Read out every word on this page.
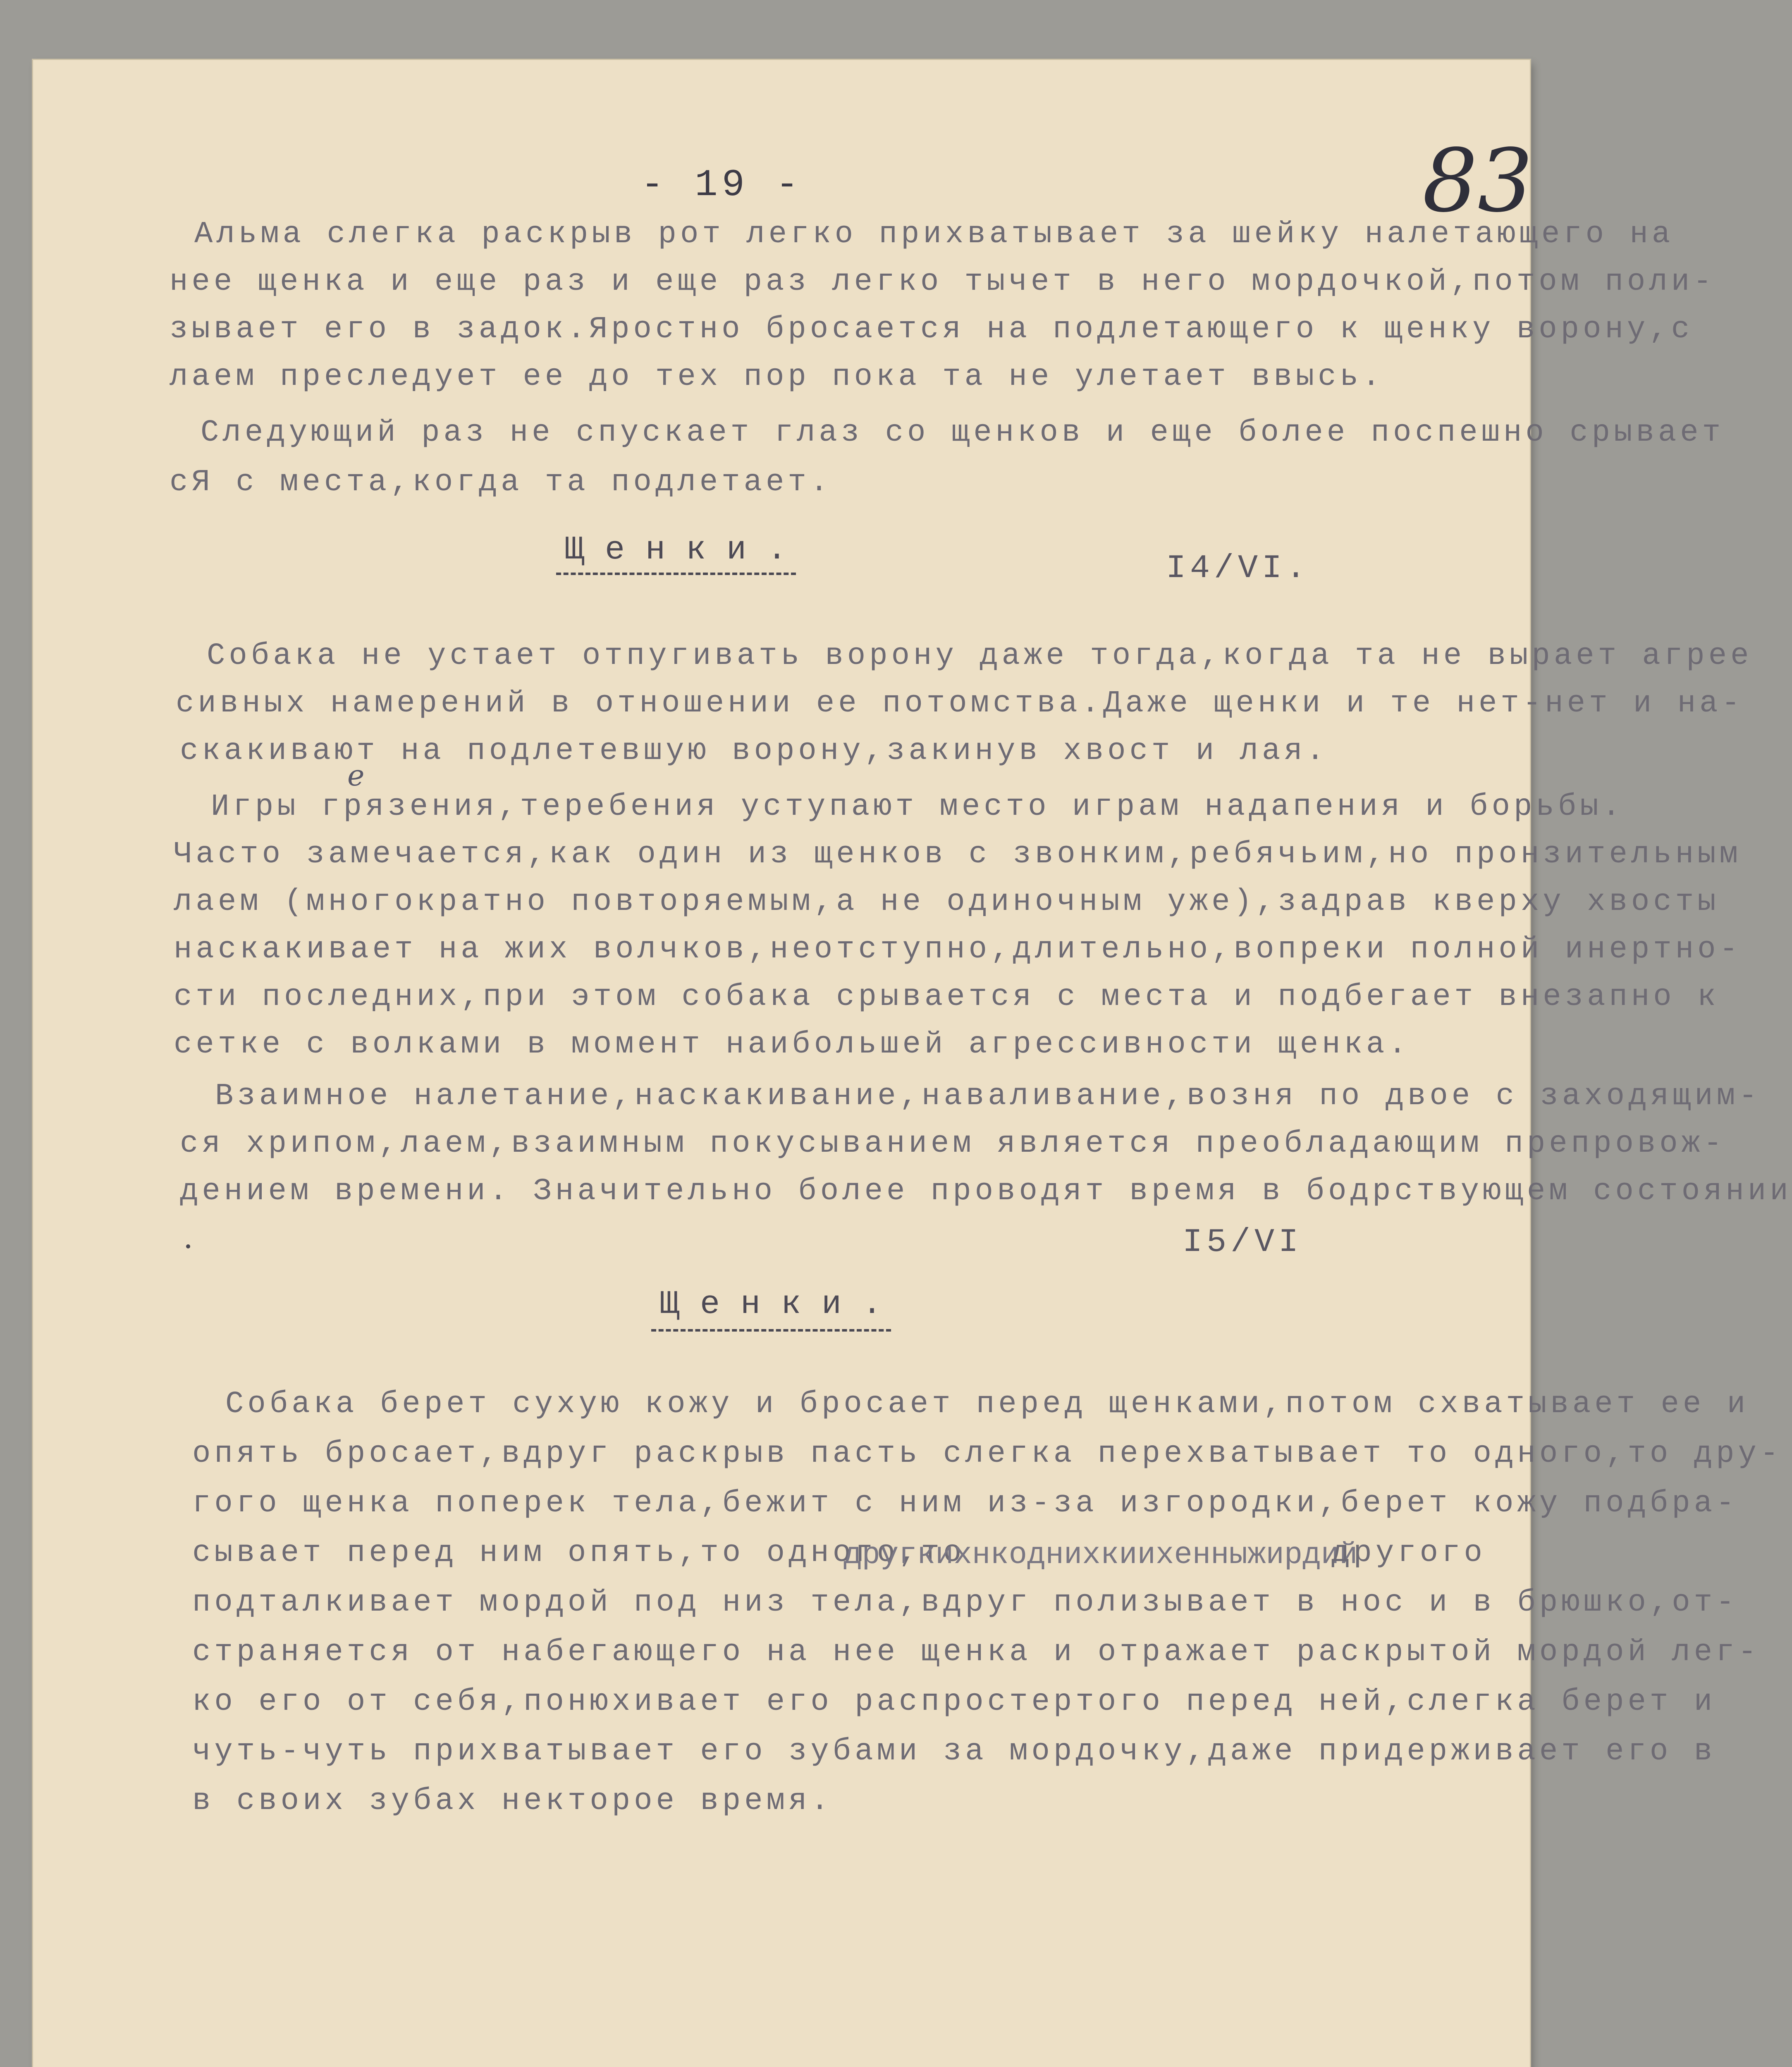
- 19 -	83
Альма слегка раскрыв рот легко прихватывает за шейку налетающего на
нее щенка и еще раз и еще раз легко тычет в него мордочкой,потом поли-
зывает его в задок.Яростно бросается на подлетающего к щенку ворону,с
лаем преследует ее до тех пор пока та не улетает ввысь.
Следующий раз не спускает глаз со щенков и еще более поспешно срывает
сЯ с места,когда та подлетает.
Щенки.	I4/VI.
Собака не устает отпугивать ворону даже тогда,когда та не вырает агрее
сивных намерений в отношении ее потомства.Даже щенки и те нет-нет и на-
скакивают на подлетевшую ворону,закинув хвост и лая.
е
Игры грязения,теребения уступают место играм надапения и борьбы.
Часто замечается,как один из щенков с звонким,ребячьим,но пронзительным
лаем (многократно повторяемым,а не одиночным уже),задрав кверху хвосты
наскакивает на жих волчков,неотступно,длительно,вопреки полной инертно-
сти последних,при этом собака срывается с места и подбегает внезапно к
сетке с волками в момент наибольшей агрессивности щенка.
Взаимное налетание,наскакивание,наваливание,возня по двое с заходящим-
ся хрипом,лаем,взаимным покусыванием является преобладающим препровож-
дением времени. Значительно более проводят время в бодрствующем состоянии
I5/VI
Щенки.
Собака берет сухую кожу и бросает перед щенками,потом схватывает ее и
опять бросает,вдруг раскрыв пасть слегка перехватывает то одного,то дру-
гого щенка поперек тела,бежит с ним из-за изгородки,берет кожу подбра-
сывает перед ним опять,то одного,то
другкихнкоднихкиихенныжирдий
другого
подталкивает мордой под низ тела,вдруг полизывает в нос и в брюшко,от-
страняется от набегающего на нее щенка и отражает раскрытой мордой лег-
ко его от себя,понюхивает его распростертого перед ней,слегка берет и
чуть-чуть прихватывает его зубами за мордочку,даже придерживает его в
в своих зубах некторое время.
